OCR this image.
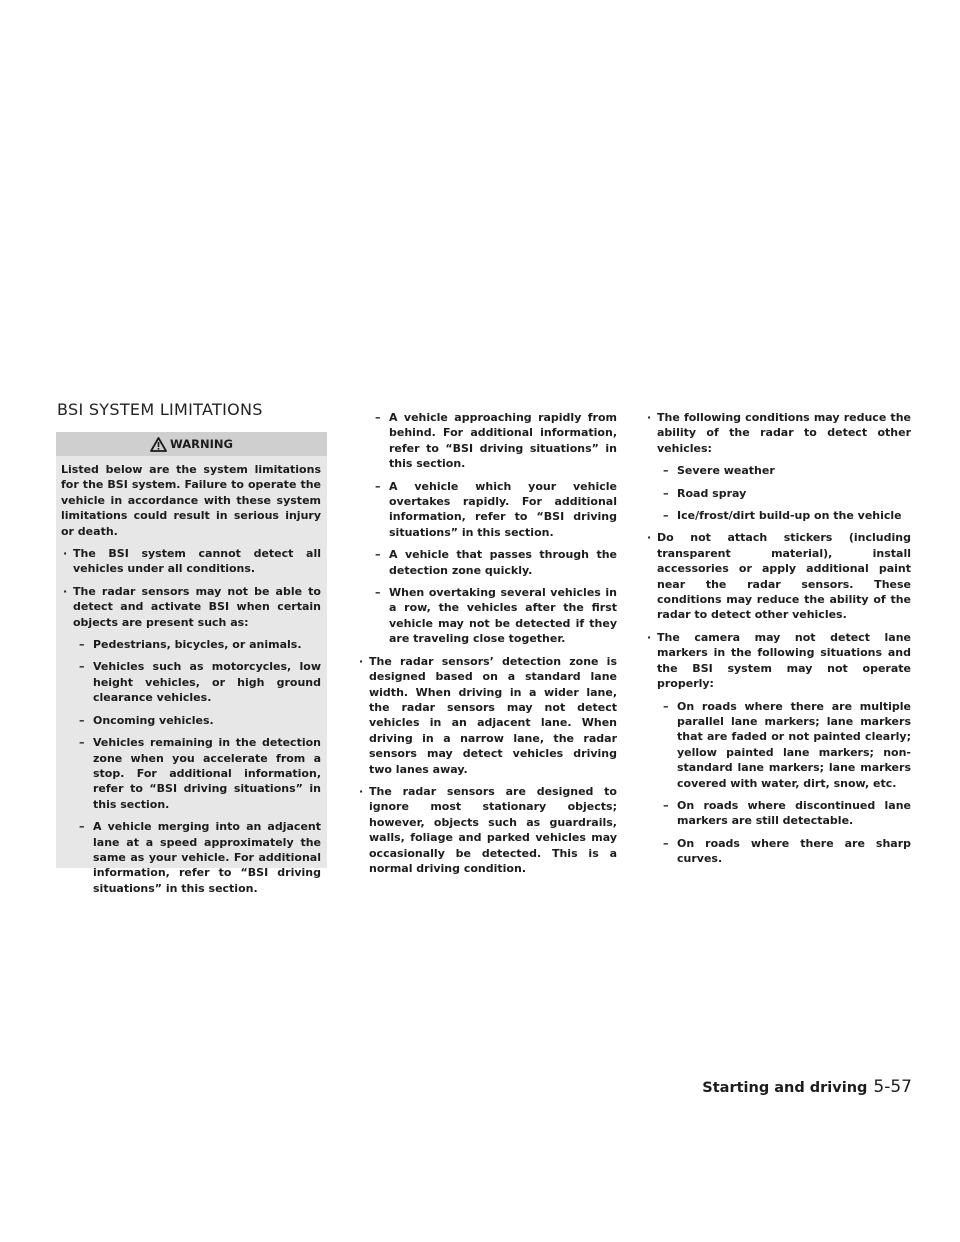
BSI SYSTEM LIMITATIONS
WARNING

Listed below are the system limitations for the BSI system. Failure to operate the vehicle in accordance with these system limitations could result in serious injury or death.

· The BSI system cannot detect all vehicles under all conditions.
· The radar sensors may not be able to detect and activate BSI when certain objects are present such as:
– Pedestrians, bicycles, or animals.
– Vehicles such as motorcycles, low height vehicles, or high ground clearance vehicles.
– Oncoming vehicles.
– Vehicles remaining in the detection zone when you accelerate from a stop. For additional information, refer to “BSI driving situations” in this section.
– A vehicle merging into an adjacent lane at a speed approximately the same as your vehicle. For additional information, refer to “BSI driving situations” in this section.
– A vehicle approaching rapidly from behind. For additional information, refer to “BSI driving situations” in this section.
– A vehicle which your vehicle overtakes rapidly. For additional information, refer to “BSI driving situations” in this section.
– A vehicle that passes through the detection zone quickly.
– When overtaking several vehicles in a row, the vehicles after the first vehicle may not be detected if they are traveling close together.
· The radar sensors’ detection zone is designed based on a standard lane width. When driving in a wider lane, the radar sensors may not detect vehicles in an adjacent lane. When driving in a narrow lane, the radar sensors may detect vehicles driving two lanes away.
· The radar sensors are designed to ignore most stationary objects; however, objects such as guardrails, walls, foliage and parked vehicles may occasionally be detected. This is a normal driving condition.
· The following conditions may reduce the ability of the radar to detect other vehicles:
– Severe weather
– Road spray
– Ice/frost/dirt build-up on the vehicle
· Do not attach stickers (including transparent material), install accessories or apply additional paint near the radar sensors. These conditions may reduce the ability of the radar to detect other vehicles.
· The camera may not detect lane markers in the following situations and the BSI system may not operate properly:
– On roads where there are multiple parallel lane markers; lane markers that are faded or not painted clearly; yellow painted lane markers; non-standard lane markers; lane markers covered with water, dirt, snow, etc.
– On roads where discontinued lane markers are still detectable.
– On roads where there are sharp curves.
Starting and driving 5-57
